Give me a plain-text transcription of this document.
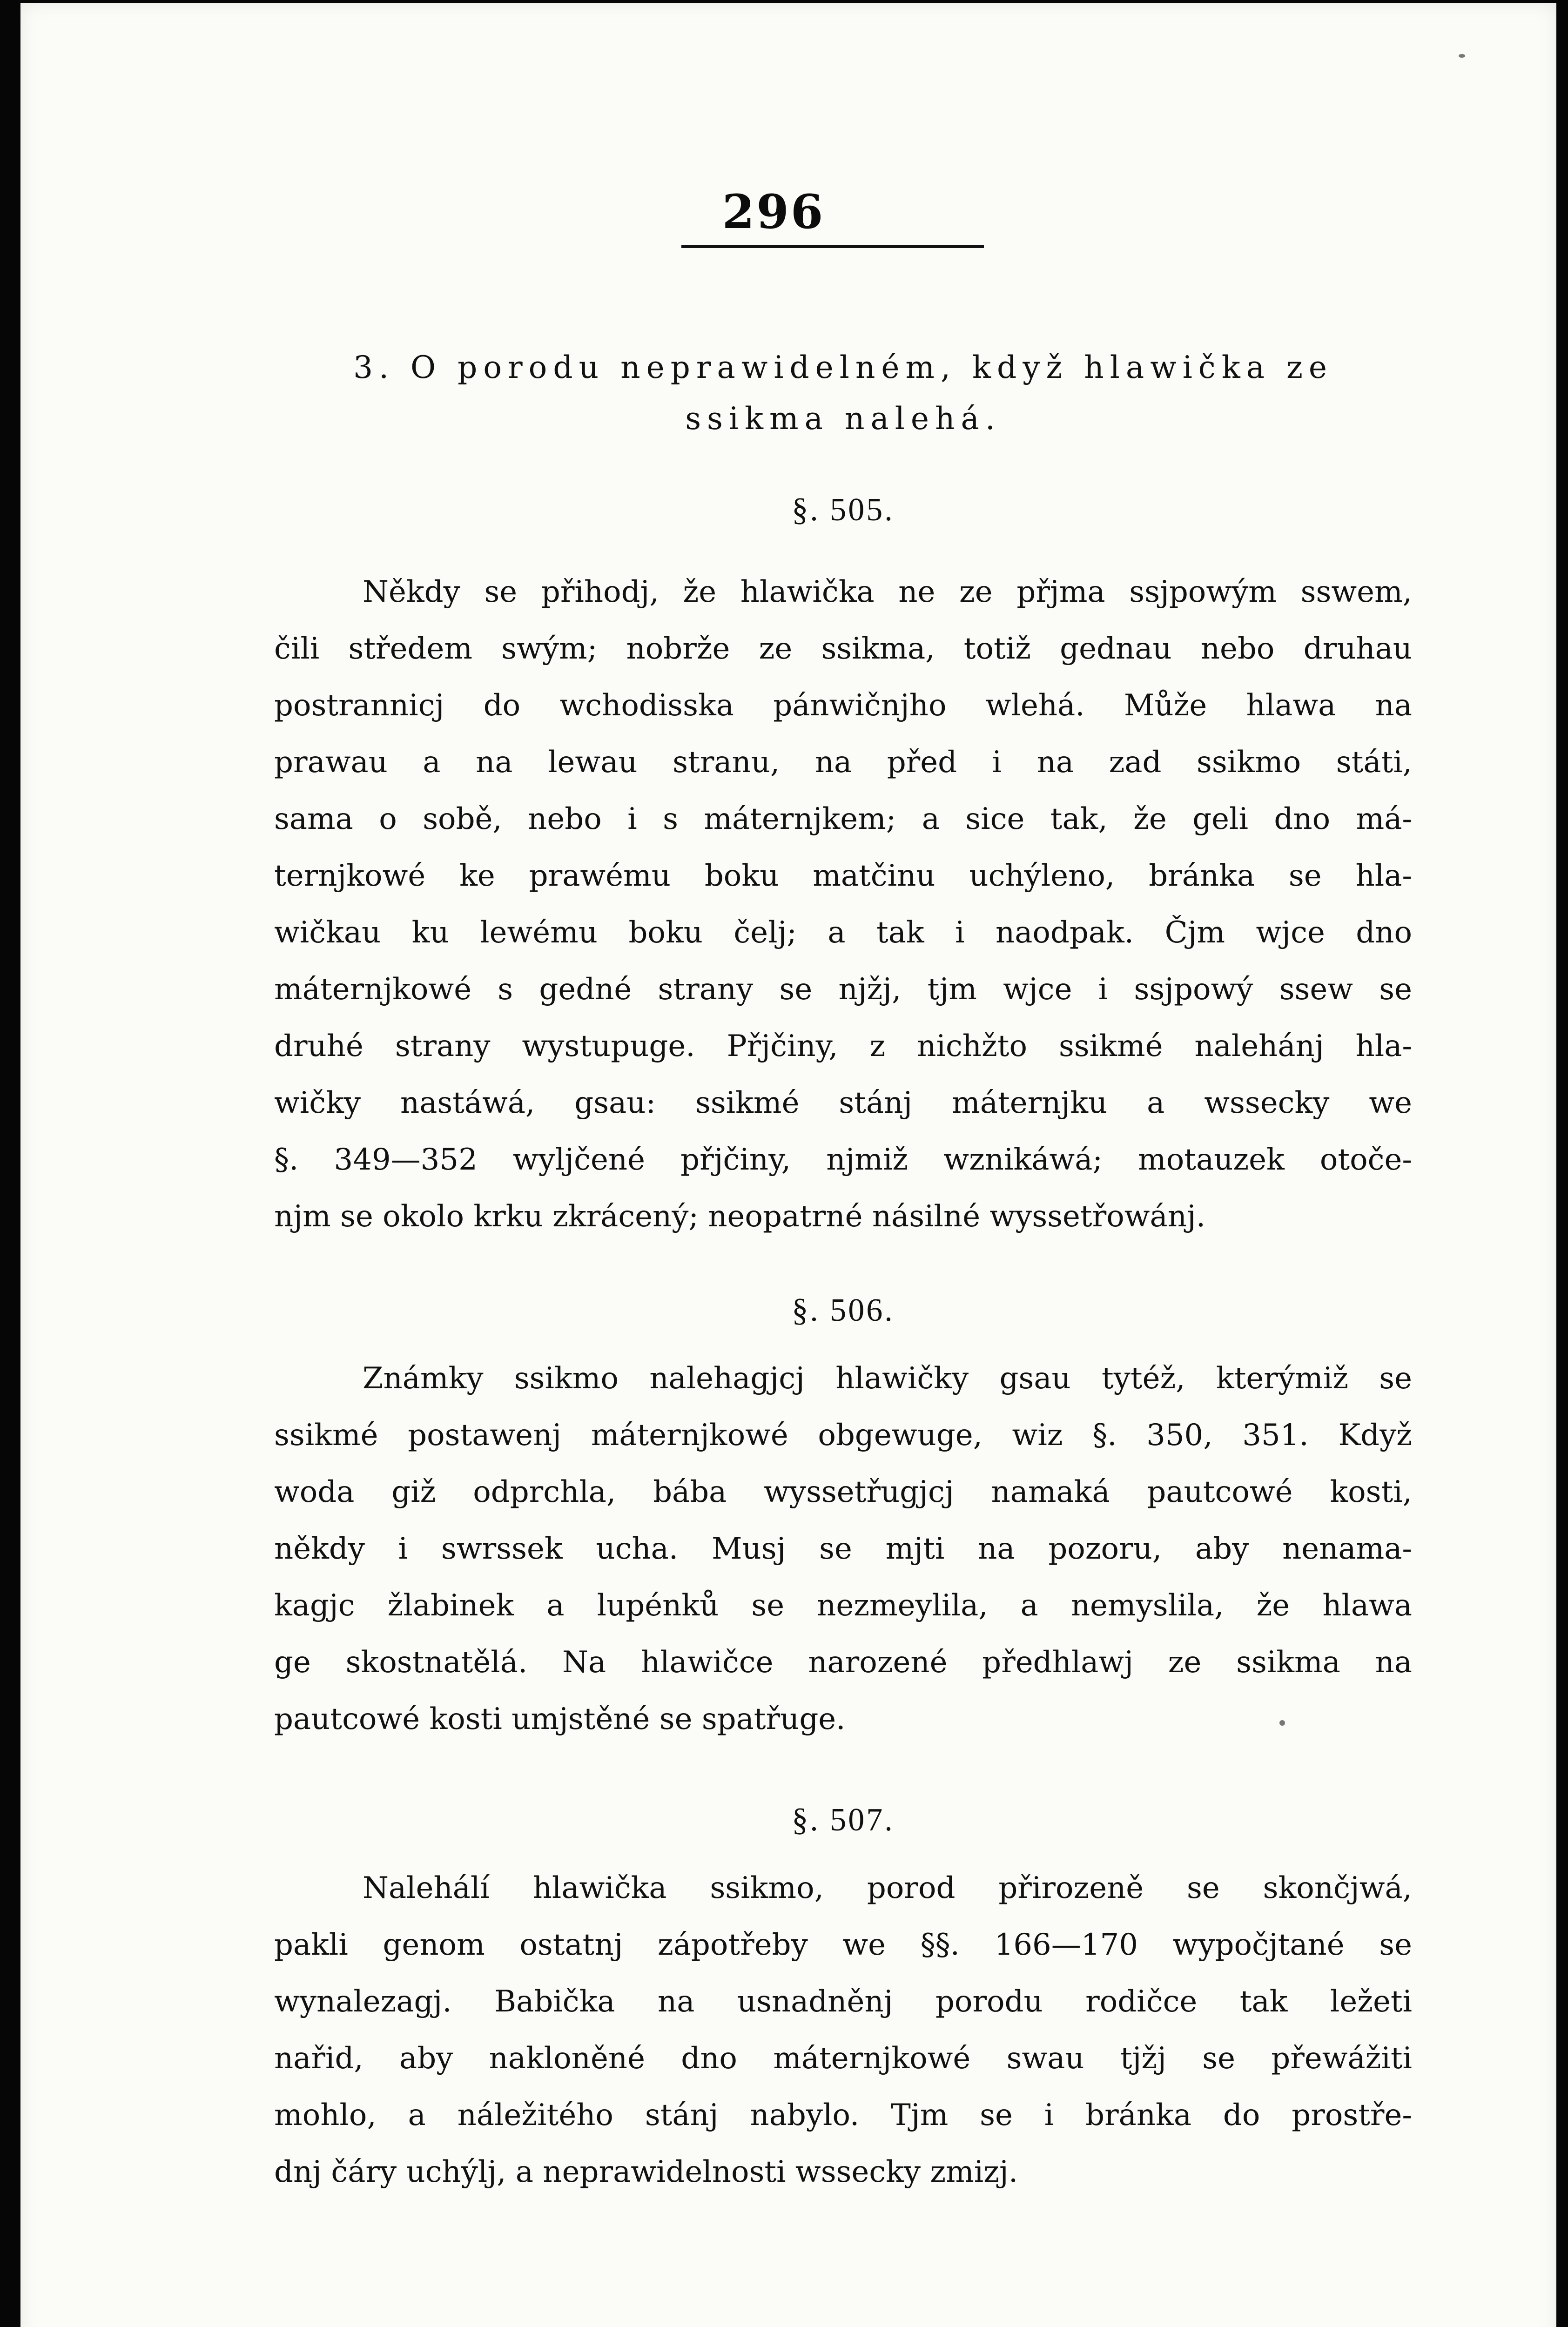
296
3. O porodu neprawidelném, když hlawička ze
ssikma nalehá.
§. 505.
Někdy se přihodj, že hlawička ne ze přjma ssjpowým sswem,
čili středem swým; nobrže ze ssikma, totiž gednau nebo druhau
postrannicj do wchodisska pánwičnjho wlehá. Může hlawa na
prawau a na lewau stranu, na před i na zad ssikmo státi,
sama o sobě, nebo i s máternjkem; a sice tak, že geli dno má-
ternjkowé ke prawému boku matčinu uchýleno, bránka se hla-
wičkau ku lewému boku čelj; a tak i naodpak. Čjm wjce dno
máternjkowé s gedné strany se njžj, tjm wjce i ssjpowý ssew se
druhé strany wystupuge. Přjčiny, z nichžto ssikmé nalehánj hla-
wičky nastáwá, gsau: ssikmé stánj máternjku a wssecky we
§. 349—352 wyljčené přjčiny, njmiž wznikáwá; motauzek otoče-
njm se okolo krku zkrácený; neopatrné násilné wyssetřowánj.
§. 506.
Známky ssikmo nalehagjcj hlawičky gsau tytéž, kterýmiž se
ssikmé postawenj máternjkowé obgewuge, wiz §. 350, 351. Když
woda giž odprchla, bába wyssetřugjcj namaká pautcowé kosti,
někdy i swrssek ucha. Musj se mjti na pozoru, aby nenama-
kagjc žlabinek a lupénků se nezmeylila, a nemyslila, že hlawa
ge skostnatělá. Na hlawičce narozené předhlawj ze ssikma na
pautcowé kosti umjstěné se spatřuge.
§. 507.
Nalehálí hlawička ssikmo, porod přirozeně se skončjwá,
pakli genom ostatnj zápotřeby we §§. 166—170 wypočjtané se
wynalezagj. Babička na usnadněnj porodu rodičce tak ležeti
nařid, aby nakloněné dno máternjkowé swau tjžj se přewážiti
mohlo, a náležitého stánj nabylo. Tjm se i bránka do prostře-
dnj čáry uchýlj, a neprawidelnosti wssecky zmizj.
